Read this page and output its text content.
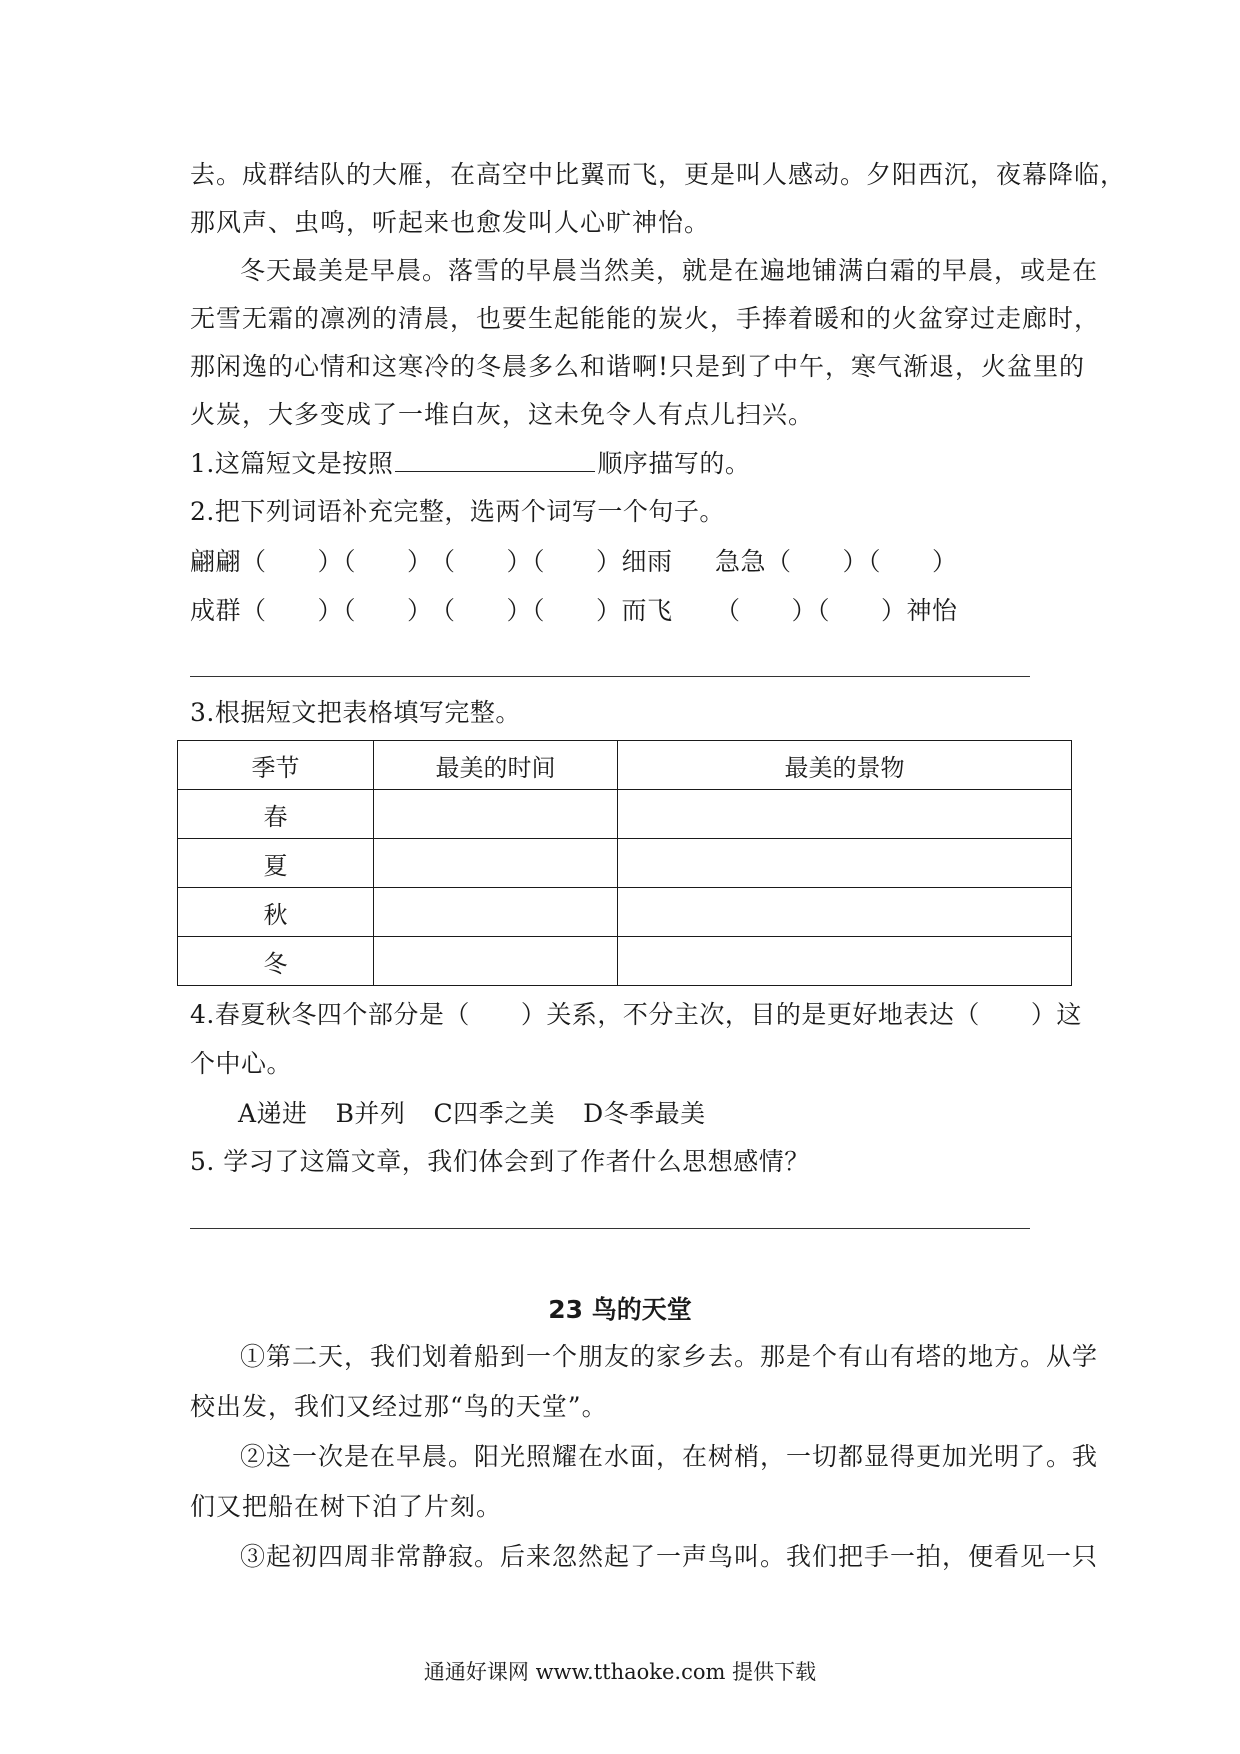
去。成群结队的大雁，在高空中比翼而飞，更是叫人感动。夕阳西沉，夜幕降临，
那风声、虫鸣，听起来也愈发叫人心旷神怡。
冬天最美是早晨。落雪的早晨当然美，就是在遍地铺满白霜的早晨，或是在
无雪无霜的凛冽的清晨，也要生起能能的炭火，手捧着暖和的火盆穿过走廊时，
那闲逸的心情和这寒冷的冬晨多么和谐啊!只是到了中午，寒气渐退，火盆里的
火炭，大多变成了一堆白灰，这未免令人有点儿扫兴。
1.这篇短文是按照	顺序描写的。
2.把下列词语补充完整，选两个词写一个句子。
翩翩（　　）（　　）（　　）（　　）细雨 急急（　　）（　　）
成群（　　）（　　）（　　）（　　）而飞 （　　）（　　）神怡
3.根据短文把表格填写完整。
季节	最美的时间	最美的景物
春		
夏		
秋		
冬		
4.春夏秋冬四个部分是（　　）关系，不分主次，目的是更好地表达（　　）这
个中心。
A递进 B并列 C四季之美 D冬季最美
5. 学习了这篇文章，我们体会到了作者什么思想感情？
23 鸟的天堂
①第二天，我们划着船到一个朋友的家乡去。那是个有山有塔的地方。从学
校出发，我们又经过那“鸟的天堂”。
②这一次是在早晨。阳光照耀在水面，在树梢，一切都显得更加光明了。我
们又把船在树下泊了片刻。
③起初四周非常静寂。后来忽然起了一声鸟叫。我们把手一拍，便看见一只
通通好课网 www.tthaoke.com 提供下载
